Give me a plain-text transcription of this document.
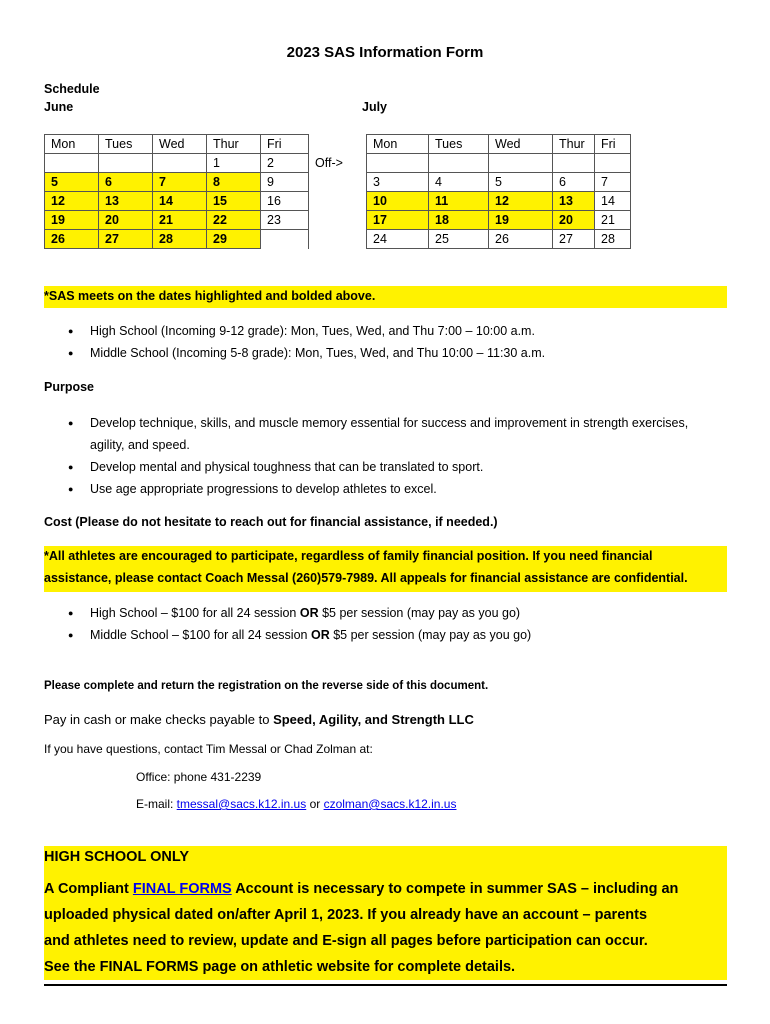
2023 SAS Information Form
Schedule
June	July
Mon	Tues	Wed	Thur	Fri		Mon	Tues	Wed	Thur	Fri
			1	2	Off->					
5	6	7	8	9		3	4	5	6	7
12	13	14	15	16		10	11	12	13	14
19	20	21	22	23		17	18	19	20	21
26	27	28	29			24	25	26	27	28
*SAS meets on the dates highlighted and bolded above.
● High School (Incoming 9-12 grade): Mon, Tues, Wed, and Thu 7:00 – 10:00 a.m.
● Middle School (Incoming 5-8 grade): Mon, Tues, Wed, and Thu 10:00 – 11:30 a.m.
Purpose
● Develop technique, skills, and muscle memory essential for success and improvement in strength exercises, agility, and speed.
● Develop mental and physical toughness that can be translated to sport.
● Use age appropriate progressions to develop athletes to excel.
Cost (Please do not hesitate to reach out for financial assistance, if needed.)
*All athletes are encouraged to participate, regardless of family financial position. If you need financial
assistance, please contact Coach Messal (260)579-7989. All appeals for financial assistance are confidential.
● High School – $100 for all 24 session OR $5 per session (may pay as you go)
● Middle School – $100 for all 24 session OR $5 per session (may pay as you go)
Please complete and return the registration on the reverse side of this document.
Pay in cash or make checks payable to Speed, Agility, and Strength LLC
If you have questions, contact Tim Messal or Chad Zolman at:
Office: phone 431-2239
E-mail: tmessal@sacs.k12.in.us or czolman@sacs.k12.in.us
HIGH SCHOOL ONLY
A Compliant FINAL FORMS Account is necessary to compete in summer SAS – including an
uploaded physical dated on/after April 1, 2023. If you already have an account – parents
and athletes need to review, update and E-sign all pages before participation can occur.
See the FINAL FORMS page on athletic website for complete details.
